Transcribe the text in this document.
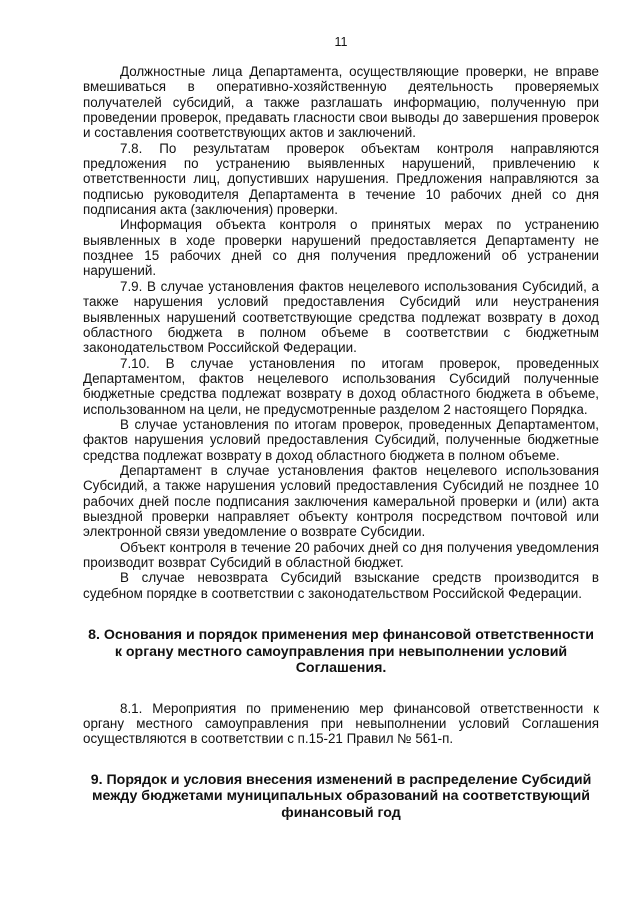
11

Должностные лица Департамента, осуществляющие проверки, не вправе вмешиваться в оперативно-хозяйственную деятельность проверяемых получателей субсидий, а также разглашать информацию, полученную при проведении проверок, предавать гласности свои выводы до завершения проверок и составления соответствующих актов и заключений.

7.8. По результатам проверок объектам контроля направляются предложения по устранению выявленных нарушений, привлечению к ответственности лиц, допустивших нарушения. Предложения направляются за подписью руководителя Департамента в течение 10 рабочих дней со дня подписания акта (заключения) проверки.

Информация объекта контроля о принятых мерах по устранению выявленных в ходе проверки нарушений предоставляется Департаменту не позднее 15 рабочих дней со дня получения предложений об устранении нарушений.

7.9. В случае установления фактов нецелевого использования Субсидий, а также нарушения условий предоставления Субсидий или неустранения выявленных нарушений соответствующие средства подлежат возврату в доход областного бюджета в полном объеме в соответствии с бюджетным законодательством Российской Федерации.

7.10. В случае установления по итогам проверок, проведенных Департаментом, фактов нецелевого использования Субсидий полученные бюджетные средства подлежат возврату в доход областного бюджета в объеме, использованном на цели, не предусмотренные разделом 2 настоящего Порядка.

В случае установления по итогам проверок, проведенных Департаментом, фактов нарушения условий предоставления Субсидий, полученные бюджетные средства подлежат возврату в доход областного бюджета в полном объеме.

Департамент в случае установления фактов нецелевого использования Субсидий, а также нарушения условий предоставления Субсидий не позднее 10 рабочих дней после подписания заключения камеральной проверки и (или) акта выездной проверки направляет объекту контроля посредством почтовой или электронной связи уведомление о возврате Субсидии.

Объект контроля в течение 20 рабочих дней со дня получения уведомления производит возврат Субсидий в областной бюджет.

В случае невозврата Субсидий взыскание средств производится в судебном порядке в соответствии с законодательством Российской Федерации.

8. Основания и порядок применения мер финансовой ответственности к органу местного самоуправления при невыполнении условий Соглашения.

8.1. Мероприятия по применению мер финансовой ответственности к органу местного самоуправления при невыполнении условий Соглашения осуществляются в соответствии с п.15-21 Правил № 561-п.

9. Порядок и условия внесения изменений в распределение Субсидий между бюджетами муниципальных образований на соответствующий финансовый год
